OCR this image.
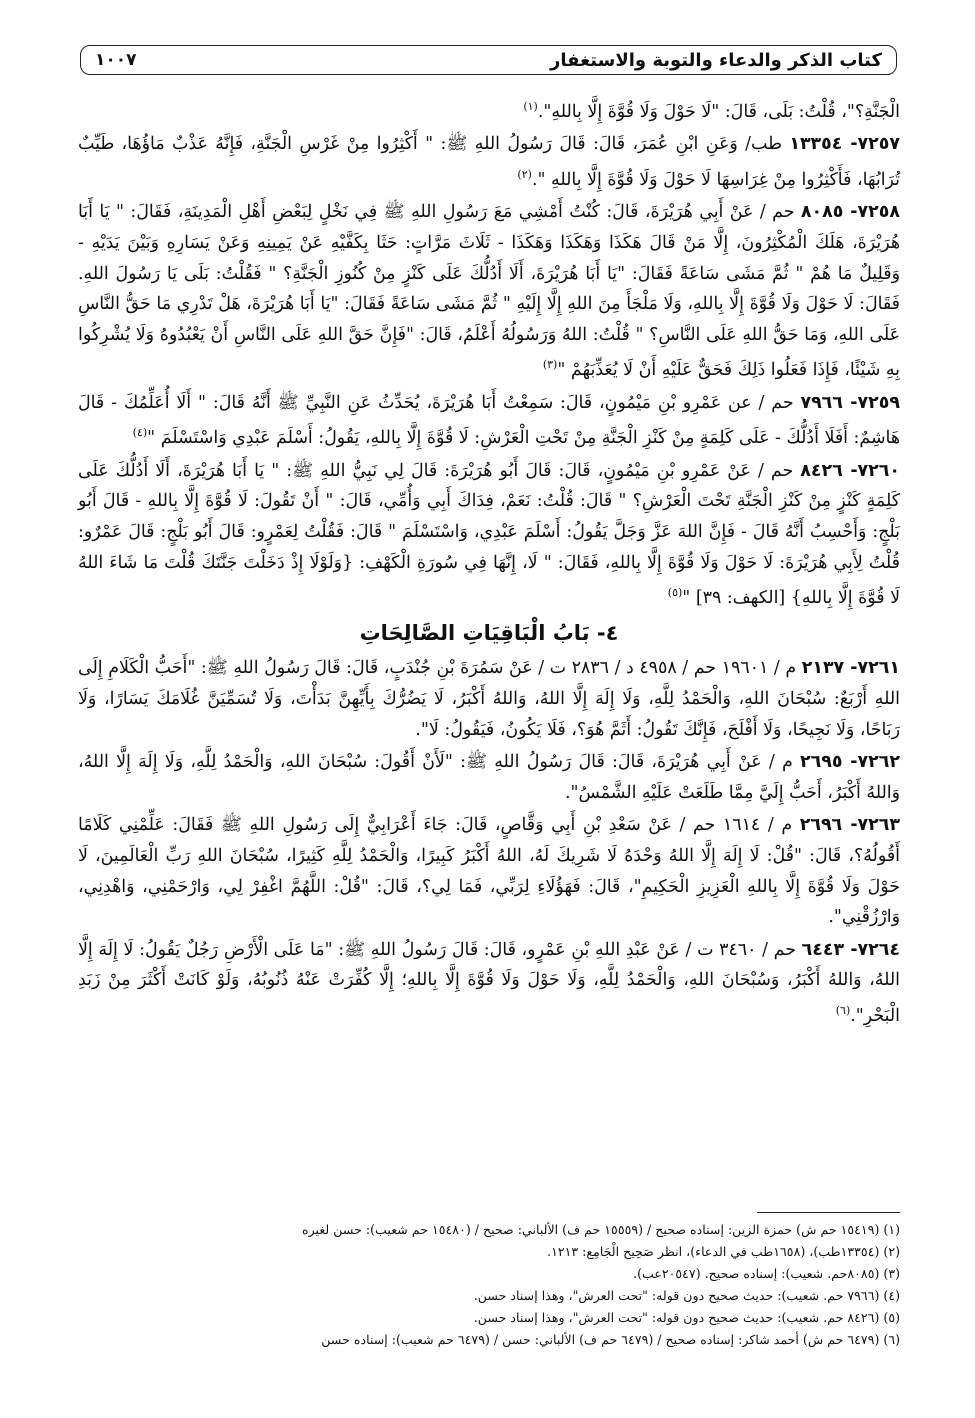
كتاب الذكر والدعاء والتوبة والاستغفار
١٠٠٧

الْجَنَّةِ؟"، قُلْتُ: بَلَى، قَالَ: "لَا حَوْلَ وَلَا قُوَّةَ إِلَّا بِاللهِ".$^{(١)}$

٧٢٥٧- ١٣٣٥٤ طب/ وَعَنِ ابْنِ عُمَرَ، قَالَ: قَالَ رَسُولُ اللهِ ﷺ: " أَكْثِرُوا مِنْ غَرْسِ الْجَنَّةِ، فَإِنَّهُ عَذْبٌ مَاؤُهَا، طَيِّبٌ تُرَابُهَا، فَأَكْثِرُوا مِنْ غِرَاسِهَا لَا حَوْلَ وَلَا قُوَّةَ إِلَّا بِاللهِ ".$^{(٢)}$

٧٢٥٨- ٨٠٨٥ حم / عَنْ أَبِي هُرَيْرَةَ، قَالَ: كُنْتُ أَمْشِي مَعَ رَسُولِ اللهِ ﷺ فِي نَخْلٍ لِبَعْضِ أَهْلِ الْمَدِينَةِ، فَقَالَ: " يَا أَبَا هُرَيْرَةَ، هَلَكَ الْمُكْثِرُونَ، إِلَّا مَنْ قَالَ هَكَذَا وَهَكَذَا وَهَكَذَا - ثَلَاثَ مَرَّاتٍ: حَثَا بِكَفَّيْهِ عَنْ يَمِينِهِ وَعَنْ يَسَارِهِ وَبَيْنَ يَدَيْهِ - وَقَلِيلٌ مَا هُمْ " ثُمَّ مَشَى سَاعَةً فَقَالَ: "يَا أَبَا هُرَيْرَةَ، أَلَا أَدُلُّكَ عَلَى كَنْزٍ مِنْ كُنُوزِ الْجَنَّةِ؟ " فَقُلْتُ: بَلَى يَا رَسُولَ اللهِ. فَقَالَ: لَا حَوْلَ وَلَا قُوَّةَ إِلَّا بِاللهِ، وَلَا مَلْجَأَ مِنَ اللهِ إِلَّا إِلَيْهِ " ثُمَّ مَشَى سَاعَةً فَقَالَ: "يَا أَبَا هُرَيْرَةَ، هَلْ تَدْرِي مَا حَقُّ النَّاسِ عَلَى اللهِ، وَمَا حَقُّ اللهِ عَلَى النَّاسِ؟ " قُلْتُ: اللهُ وَرَسُولُهُ أَعْلَمُ، قَالَ: "فَإِنَّ حَقَّ اللهِ عَلَى النَّاسِ أَنْ يَعْبُدُوهُ وَلَا يُشْرِكُوا بِهِ شَيْئًا، فَإِذَا فَعَلُوا ذَلِكَ فَحَقٌّ عَلَيْهِ أَنْ لَا يُعَذِّبَهُمْ "$^{(٣)}$

٧٢٥٩- ٧٩٦٦ حم / عن عَمْرِو بْنِ مَيْمُونٍ، قَالَ: سَمِعْتُ أَبَا هُرَيْرَةَ، يُحَدِّثُ عَنِ النَّبِيِّ ﷺ أَنَّهُ قَالَ: " أَلَا أُعَلِّمُكَ - قَالَ هَاشِمٌ: أَفَلَا أَدُلُّكَ - عَلَى كَلِمَةٍ مِنْ كَنْزِ الْجَنَّةِ مِنْ تَحْتِ الْعَرْشِ: لَا قُوَّةَ إِلَّا بِاللهِ، يَقُولُ: أَسْلَمَ عَبْدِي وَاسْتَسْلَمَ "$^{(٤)}$

٧٢٦٠- ٨٤٢٦ حم / عَنْ عَمْرِو بْنِ مَيْمُونٍ، قَالَ: قَالَ أَبُو هُرَيْرَةَ: قَالَ لِي نَبِيُّ اللهِ ﷺ: " يَا أَبَا هُرَيْرَةَ، أَلَا أَدُلُّكَ عَلَى كَلِمَةٍ كَنْزٍ مِنْ كَنْزِ الْجَنَّةِ تَحْتَ الْعَرْشِ؟ " قَالَ: قُلْتُ: نَعَمْ، فِدَاكَ أَبِي وَأُمِّي، قَالَ: " أَنْ تَقُولَ: لَا قُوَّةَ إِلَّا بِاللهِ - قَالَ أَبُو بَلْجٍ: وَأَحْسِبُ أَنَّهُ قَالَ - فَإِنَّ اللهَ عَزَّ وَجَلَّ يَقُولُ: أَسْلَمَ عَبْدِي، وَاسْتَسْلَمَ " قَالَ: فَقُلْتُ لِعَمْرٍو: قَالَ أَبُو بَلْجٍ: قَالَ عَمْرٌو: قُلْتُ لِأَبِي هُرَيْرَةَ: لَا حَوْلَ وَلَا قُوَّةَ إِلَّا بِاللهِ، فَقَالَ: " لَا، إِنَّهَا فِي سُورَةِ الْكَهْفِ: {وَلَوْلَا إِذْ دَخَلْتَ جَنَّتَكَ قُلْتَ مَا شَاءَ اللهُ لَا قُوَّةَ إِلَّا بِاللهِ} [الكهف: ٣٩] "$^{(٥)}$

٤- بَابُ الْبَاقِيَاتِ الصَّالِحَاتِ

٧٢٦١- ٢١٣٧ م / ١٩٦٠١ حم / ٤٩٥٨ د / ٢٨٣٦ ت / عَنْ سَمُرَةَ بْنِ جُنْدَبٍ، قَالَ: قَالَ رَسُولُ اللهِ ﷺ: "أَحَبُّ الْكَلَامِ إِلَى اللهِ أَرْبَعٌ: سُبْحَانَ اللهِ، وَالْحَمْدُ لِلَّهِ، وَلَا إِلَهَ إِلَّا اللهُ، وَاللهُ أَكْبَرُ، لَا يَضُرُّكَ بِأَيِّهِنَّ بَدَأْتَ، وَلَا تُسَمِّيَنَّ غُلَامَكَ يَسَارًا، وَلَا رَبَاحًا، وَلَا نَجِيحًا، وَلَا أَفْلَحَ، فَإِنَّكَ تَقُولُ: أَثَمَّ هُوَ؟، فَلَا يَكُونُ، فَيَقُولُ: لَا".

٧٢٦٢- ٢٦٩٥ م / عَنْ أَبِي هُرَيْرَةَ، قَالَ: قَالَ رَسُولُ اللهِ ﷺ: "لَأَنْ أَقُولَ: سُبْحَانَ اللهِ، وَالْحَمْدُ لِلَّهِ، وَلَا إِلَهَ إِلَّا اللهُ، وَاللهُ أَكْبَرُ، أَحَبُّ إِلَيَّ مِمَّا طَلَعَتْ عَلَيْهِ الشَّمْسُ".

٧٢٦٣- ٢٦٩٦ م / ١٦١٤ حم / عَنْ سَعْدِ بْنِ أَبِي وَقَّاصٍ، قَالَ: جَاءَ أَعْرَابِيٌّ إِلَى رَسُولِ اللهِ ﷺ فَقَالَ: عَلِّمْنِي كَلَامًا أَقُولُهُ؟، قَالَ: "قُلْ: لَا إِلَهَ إِلَّا اللهُ وَحْدَهُ لَا شَرِيكَ لَهُ، اللهُ أَكْبَرُ كَبِيرًا، وَالْحَمْدُ لِلَّهِ كَثِيرًا، سُبْحَانَ اللهِ رَبِّ الْعَالَمِينَ، لَا حَوْلَ وَلَا قُوَّةَ إِلَّا بِاللهِ الْعَزِيزِ الْحَكِيمِ"، قَالَ: فَهَؤُلَاءِ لِرَبِّي، فَمَا لِي؟، قَالَ: "قُلْ: اللَّهُمَّ اغْفِرْ لِي، وَارْحَمْنِي، وَاهْدِنِي، وَارْزُقْنِي".

٧٢٦٤- ٦٤٤٣ حم / ٣٤٦٠ ت / عَنْ عَبْدِ اللهِ بْنِ عَمْرٍو، قَالَ: قَالَ رَسُولُ اللهِ ﷺ: "مَا عَلَى الْأَرْضِ رَجُلٌ يَقُولُ: لَا إِلَهَ إِلَّا اللهُ، وَاللهُ أَكْبَرُ، وَسُبْحَانَ اللهِ، وَالْحَمْدُ لِلَّهِ، وَلَا حَوْلَ وَلَا قُوَّةَ إِلَّا بِاللهِ؛ إِلَّا كُفِّرَتْ عَنْهُ ذُنُوبُهُ، وَلَوْ كَانَتْ أَكْثَرَ مِنْ زَبَدِ الْبَحْرِ".$^{(٦)}$

(١) (١٥٤١٩ حم ش) حمزة الزين: إسناده صحيح / (١٥٥٥٩ حم ف) الألباني: صحيح / (١٥٤٨٠ حم شعيب): حسن لغيره
(٢) (١٣٣٥٤طب)، (١٦٥٨طب في الدعاء)، انظر صَحِيح الْجَامِع: ١٢١٣.
(٣) (٨٠٨٥حم. شعيب): إسناده صحيح. (٢٠٥٤٧عب).
(٤) (٧٩٦٦ حم. شعيب): حديث صحيح دون قوله: "تحت العرش"، وهذا إسناد حسن.
(٥) (٨٤٢٦ حم. شعيب): حديث صحيح دون قوله: "تحت العرش"، وهذا إسناد حسن.
(٦) (٦٤٧٩ حم ش) أحمد شاكر: إسناده صحيح / (٦٤٧٩ حم ف) الألباني: حسن / (٦٤٧٩ حم شعيب): إسناده حسن
